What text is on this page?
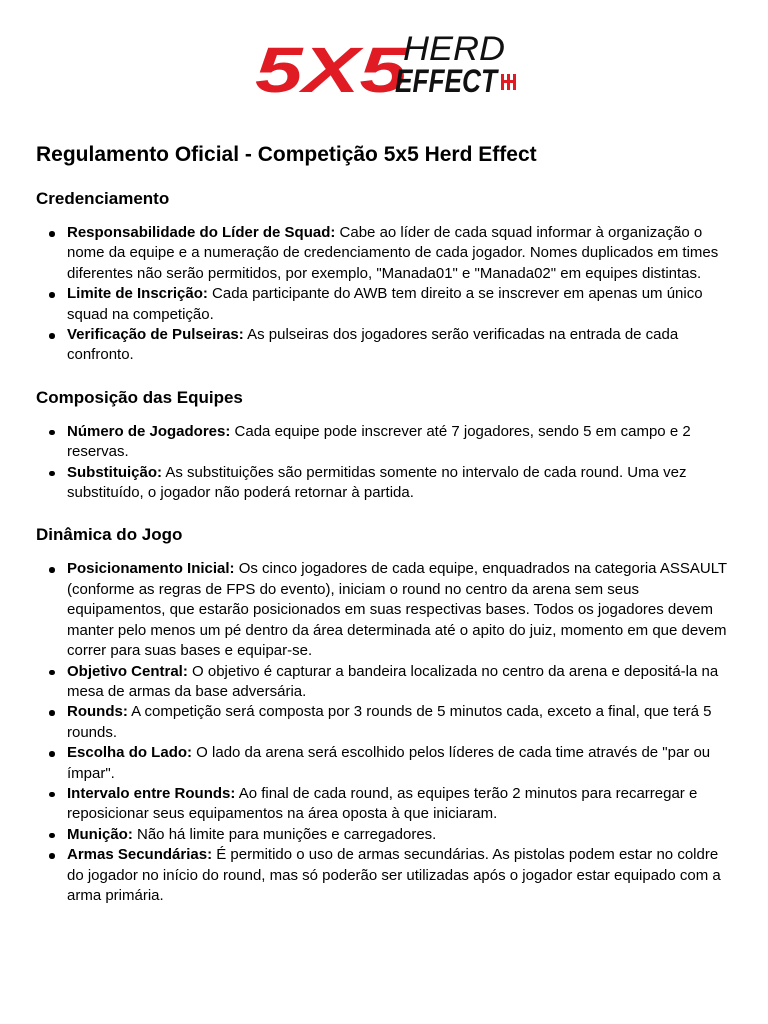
5X5
HERD
EFFECT
Regulamento Oficial - Competição 5x5 Herd Effect
Credenciamento
Responsabilidade do Líder de Squad: Cabe ao líder de cada squad informar à organização o nome da equipe e a numeração de credenciamento de cada jogador. Nomes duplicados em times diferentes não serão permitidos, por exemplo, "Manada01" e "Manada02" em equipes distintas.
Limite de Inscrição: Cada participante do AWB tem direito a se inscrever em apenas um único squad na competição.
Verificação de Pulseiras: As pulseiras dos jogadores serão verificadas na entrada de cada confronto.
Composição das Equipes
Número de Jogadores: Cada equipe pode inscrever até 7 jogadores, sendo 5 em campo e 2 reservas.
Substituição: As substituições são permitidas somente no intervalo de cada round. Uma vez substituído, o jogador não poderá retornar à partida.
Dinâmica do Jogo
Posicionamento Inicial: Os cinco jogadores de cada equipe, enquadrados na categoria ASSAULT (conforme as regras de FPS do evento), iniciam o round no centro da arena sem seus equipamentos, que estarão posicionados em suas respectivas bases. Todos os jogadores devem manter pelo menos um pé dentro da área determinada até o apito do juiz, momento em que devem correr para suas bases e equipar-se.
Objetivo Central: O objetivo é capturar a bandeira localizada no centro da arena e depositá-la na mesa de armas da base adversária.
Rounds: A competição será composta por 3 rounds de 5 minutos cada, exceto a final, que terá 5 rounds.
Escolha do Lado: O lado da arena será escolhido pelos líderes de cada time através de "par ou ímpar".
Intervalo entre Rounds: Ao final de cada round, as equipes terão 2 minutos para recarregar e reposicionar seus equipamentos na área oposta à que iniciaram.
Munição: Não há limite para munições e carregadores.
Armas Secundárias: É permitido o uso de armas secundárias. As pistolas podem estar no coldre do jogador no início do round, mas só poderão ser utilizadas após o jogador estar equipado com a arma primária.
